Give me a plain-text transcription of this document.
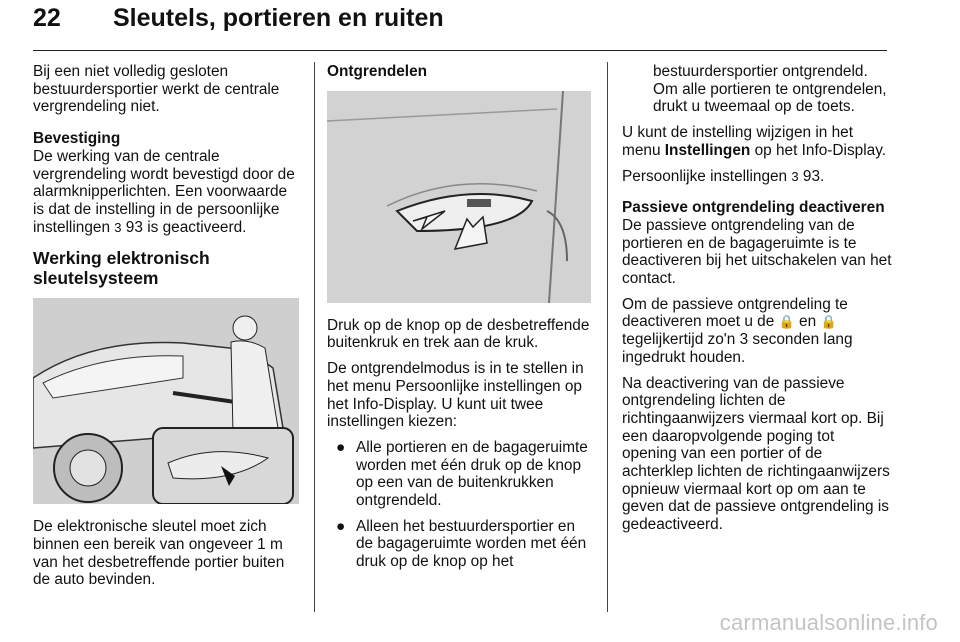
22 Sleutels, portieren en ruiten

Bij een niet volledig gesloten bestuurdersportier werkt de centrale vergrendeling niet.

Bevestiging

De werking van de centrale vergrendeling wordt bevestigd door de alarmknipperlichten. Een voorwaarde is dat de instelling in de persoonlijke instellingen 3 93 is geactiveerd.

Werking elektronisch sleutelsysteem

De elektronische sleutel moet zich binnen een bereik van ongeveer 1 m van het desbetreffende portier buiten de auto bevinden.

Ontgrendelen

Druk op de knop op de desbetreffende buitenkruk en trek aan de kruk.

De ontgrendelmodus is in te stellen in het menu Persoonlijke instellingen op het Info-Display. U kunt uit twee instellingen kiezen:

● Alle portieren en de bagageruimte worden met één druk op de knop op een van de buitenkrukken ontgrendeld.
● Alleen het bestuurdersportier en de bagageruimte worden met één druk op de knop op het

bestuurdersportier ontgrendeld. Om alle portieren te ontgrendelen, drukt u tweemaal op de toets.

U kunt de instelling wijzigen in het menu Instellingen op het Info-Display.

Persoonlijke instellingen 3 93.

Passieve ontgrendeling deactiveren

De passieve ontgrendeling van de portieren en de bagageruimte is te deactiveren bij het uitschakelen van het contact.

Om de passieve ontgrendeling te deactiveren moet u de 🔒 en 🔒 tegelijkertijd zo'n 3 seconden lang ingedrukt houden.

Na deactivering van de passieve ontgrendeling lichten de richtingaanwijzers viermaal kort op. Bij een daaropvolgende poging tot opening van een portier of de achterklep lichten de richtingaanwijzers opnieuw viermaal kort op om aan te geven dat de passieve ontgrendeling is gedeactiveerd.

carmanualsonline.info
